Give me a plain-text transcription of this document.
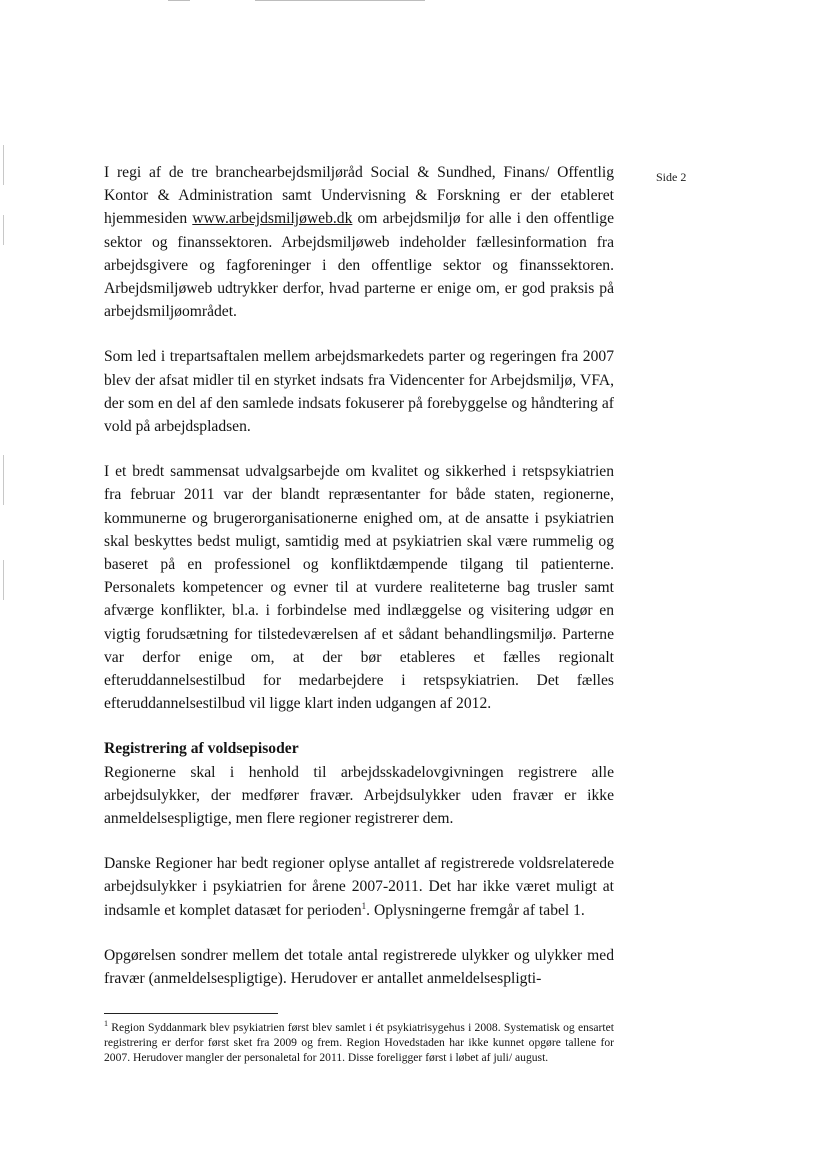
Side 2

I regi af de tre branchearbejdsmiljøråd Social & Sundhed, Finans/ Offentlig Kontor & Administration samt Undervisning & Forskning er der etableret hjemmesiden www.arbejdsmiljøweb.dk om arbejdsmiljø for alle i den offentlige sektor og finanssektoren. Arbejdsmiljøweb indeholder fællesinformation fra arbejdsgivere og fagforeninger i den offentlige sektor og finanssektoren. Arbejdsmiljøweb udtrykker derfor, hvad parterne er enige om, er god praksis på arbejdsmiljøområdet.

Som led i trepartsaftalen mellem arbejdsmarkedets parter og regeringen fra 2007 blev der afsat midler til en styrket indsats fra Videncenter for Arbejdsmiljø, VFA, der som en del af den samlede indsats fokuserer på forebyggelse og håndtering af vold på arbejdspladsen.

I et bredt sammensat udvalgsarbejde om kvalitet og sikkerhed i retspsykiatrien fra februar 2011 var der blandt repræsentanter for både staten, regionerne, kommunerne og brugerorganisationerne enighed om, at de ansatte i psykiatrien skal beskyttes bedst muligt, samtidig med at psykiatrien skal være rummelig og baseret på en professionel og konfliktdæmpende tilgang til patienterne. Personalets kompetencer og evner til at vurdere realiteterne bag trusler samt afværge konflikter, bl.a. i forbindelse med indlæggelse og visitering udgør en vigtig forudsætning for tilstedeværelsen af et sådant behandlingsmiljø. Parterne var derfor enige om, at der bør etableres et fælles regionalt efteruddannelsestilbud for medarbejdere i retspsykiatrien. Det fælles efteruddannelsestilbud vil ligge klart inden udgangen af 2012.

Registrering af voldsepisoder

Regionerne skal i henhold til arbejdsskadelovgivningen registrere alle arbejdsulykker, der medfører fravær. Arbejdsulykker uden fravær er ikke anmeldelsespligtige, men flere regioner registrerer dem.

Danske Regioner har bedt regioner oplyse antallet af registrerede voldsrelaterede arbejdsulykker i psykiatrien for årene 2007-2011. Det har ikke været muligt at indsamle et komplet datasæt for perioden$^1$. Oplysningerne fremgår af tabel 1.

Opgørelsen sondrer mellem det totale antal registrerede ulykker og ulykker med fravær (anmeldelsespligtige). Herudover er antallet anmeldelsespligti-

$^1$ Region Syddanmark blev psykiatrien først blev samlet i ét psykiatrisygehus i 2008. Systematisk og ensartet registrering er derfor først sket fra 2009 og frem. Region Hovedstaden har ikke kunnet opgøre tallene for 2007. Herudover mangler der personaletal for 2011. Disse foreligger først i løbet af juli/ august.
